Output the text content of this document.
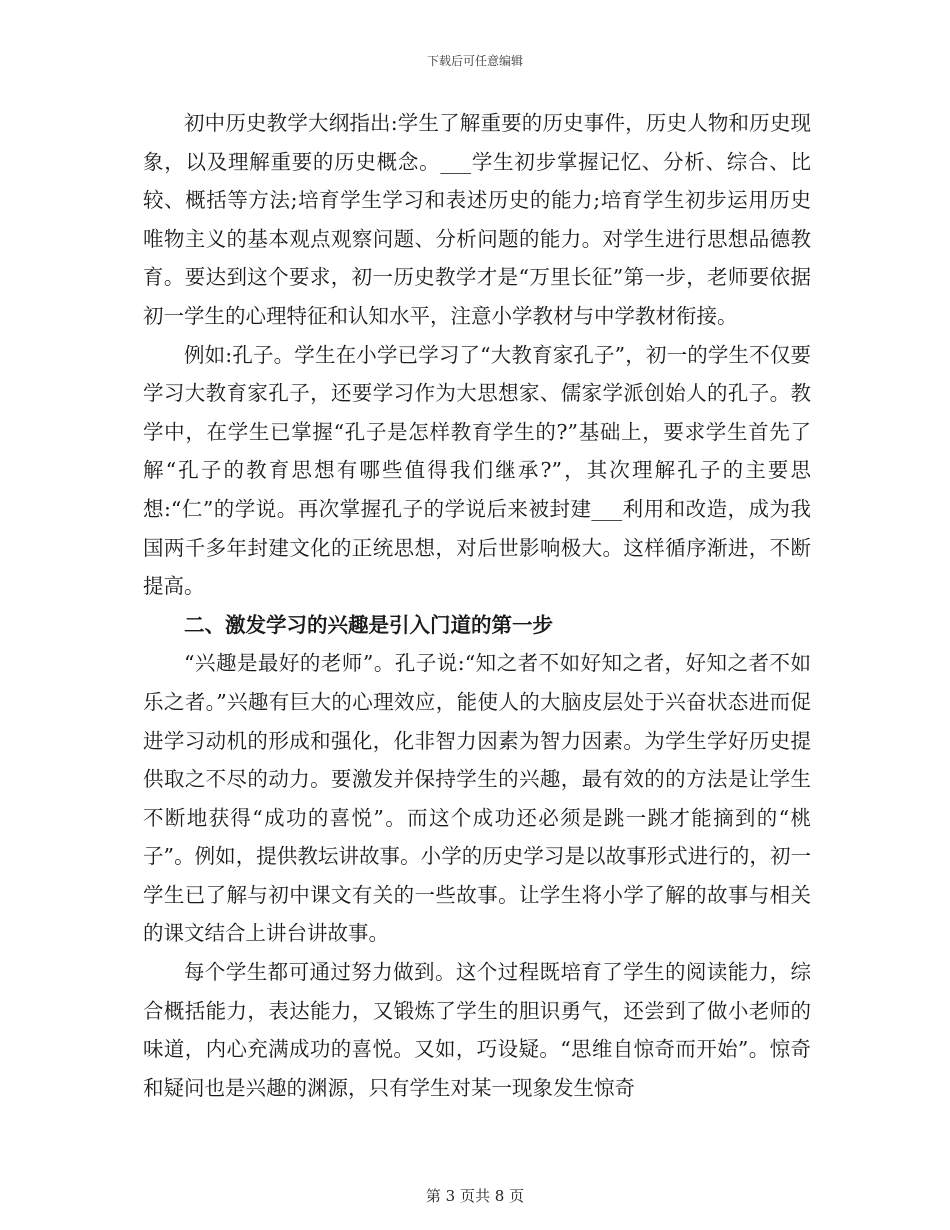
下载后可任意编辑

初中历史教学大纲指出:学生了解重要的历史事件，历史人物和历史现象，以及理解重要的历史概念。___学生初步掌握记忆、分析、综合、比较、概括等方法;培育学生学习和表述历史的能力;培育学生初步运用历史唯物主义的基本观点观察问题、分析问题的能力。对学生进行思想品德教育。要达到这个要求，初一历史教学才是“万里长征”第一步，老师要依据初一学生的心理特征和认知水平，注意小学教材与中学教材衔接。

例如:孔子。学生在小学已学习了“大教育家孔子”，初一的学生不仅要学习大教育家孔子，还要学习作为大思想家、儒家学派创始人的孔子。教学中，在学生已掌握“孔子是怎样教育学生的?”基础上，要求学生首先了解“孔子的教育思想有哪些值得我们继承?”，其次理解孔子的主要思想:“仁”的学说。再次掌握孔子的学说后来被封建___利用和改造，成为我国两千多年封建文化的正统思想，对后世影响极大。这样循序渐进，不断提高。

二、激发学习的兴趣是引入门道的第一步

“兴趣是最好的老师”。孔子说:“知之者不如好知之者，好知之者不如乐之者。”兴趣有巨大的心理效应，能使人的大脑皮层处于兴奋状态进而促进学习动机的形成和强化，化非智力因素为智力因素。为学生学好历史提供取之不尽的动力。要激发并保持学生的兴趣，最有效的的方法是让学生不断地获得“成功的喜悦”。而这个成功还必须是跳一跳才能摘到的“桃子”。例如，提供教坛讲故事。小学的历史学习是以故事形式进行的，初一学生已了解与初中课文有关的一些故事。让学生将小学了解的故事与相关的课文结合上讲台讲故事。

每个学生都可通过努力做到。这个过程既培育了学生的阅读能力，综合概括能力，表达能力，又锻炼了学生的胆识勇气，还尝到了做小老师的味道，内心充满成功的喜悦。又如，巧设疑。“思维自惊奇而开始”。惊奇和疑问也是兴趣的渊源，只有学生对某一现象发生惊奇

第 3 页共 8 页
